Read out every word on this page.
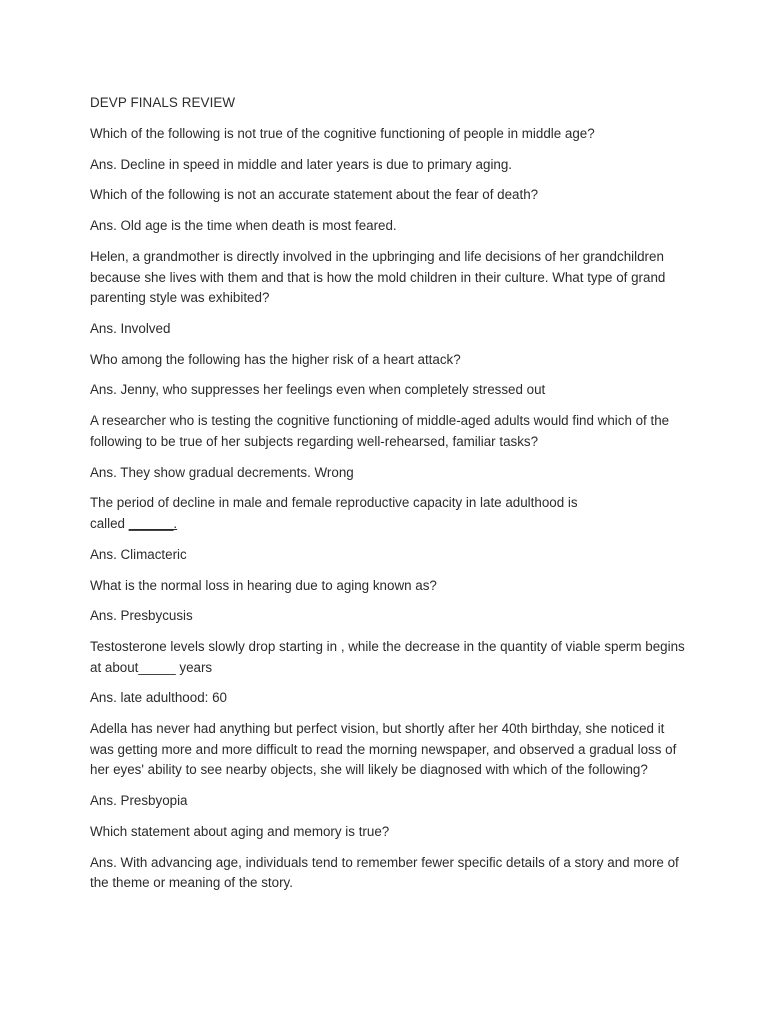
DEVP FINALS REVIEW

Which of the following is not true of the cognitive functioning of people in middle age?

Ans. Decline in speed in middle and later years is due to primary aging.

Which of the following is not an accurate statement about the fear of death?

Ans. Old age is the time when death is most feared.

Helen, a grandmother is directly involved in the upbringing and life decisions of her grandchildren because she lives with them and that is how the mold children in their culture. What type of grand parenting style was exhibited?

Ans. Involved

Who among the following has the higher risk of a heart attack?

Ans. Jenny, who suppresses her feelings even when completely stressed out

A researcher who is testing the cognitive functioning of middle-aged adults would find which of the following to be true of her subjects regarding well-rehearsed, familiar tasks?

Ans. They show gradual decrements. Wrong

The period of decline in male and female reproductive capacity in late adulthood is
called ______.

Ans. Climacteric

What is the normal loss in hearing due to aging known as?

Ans. Presbycusis

Testosterone levels slowly drop starting in , while the decrease in the quantity of viable sperm begins at about_____ years

Ans. late adulthood: 60

Adella has never had anything but perfect vision, but shortly after her 40th birthday, she noticed it was getting more and more difficult to read the morning newspaper, and observed a gradual loss of her eyes' ability to see nearby objects, she will likely be diagnosed with which of the following?

Ans. Presbyopia

Which statement about aging and memory is true?

Ans. With advancing age, individuals tend to remember fewer specific details of a story and more of the theme or meaning of the story.
